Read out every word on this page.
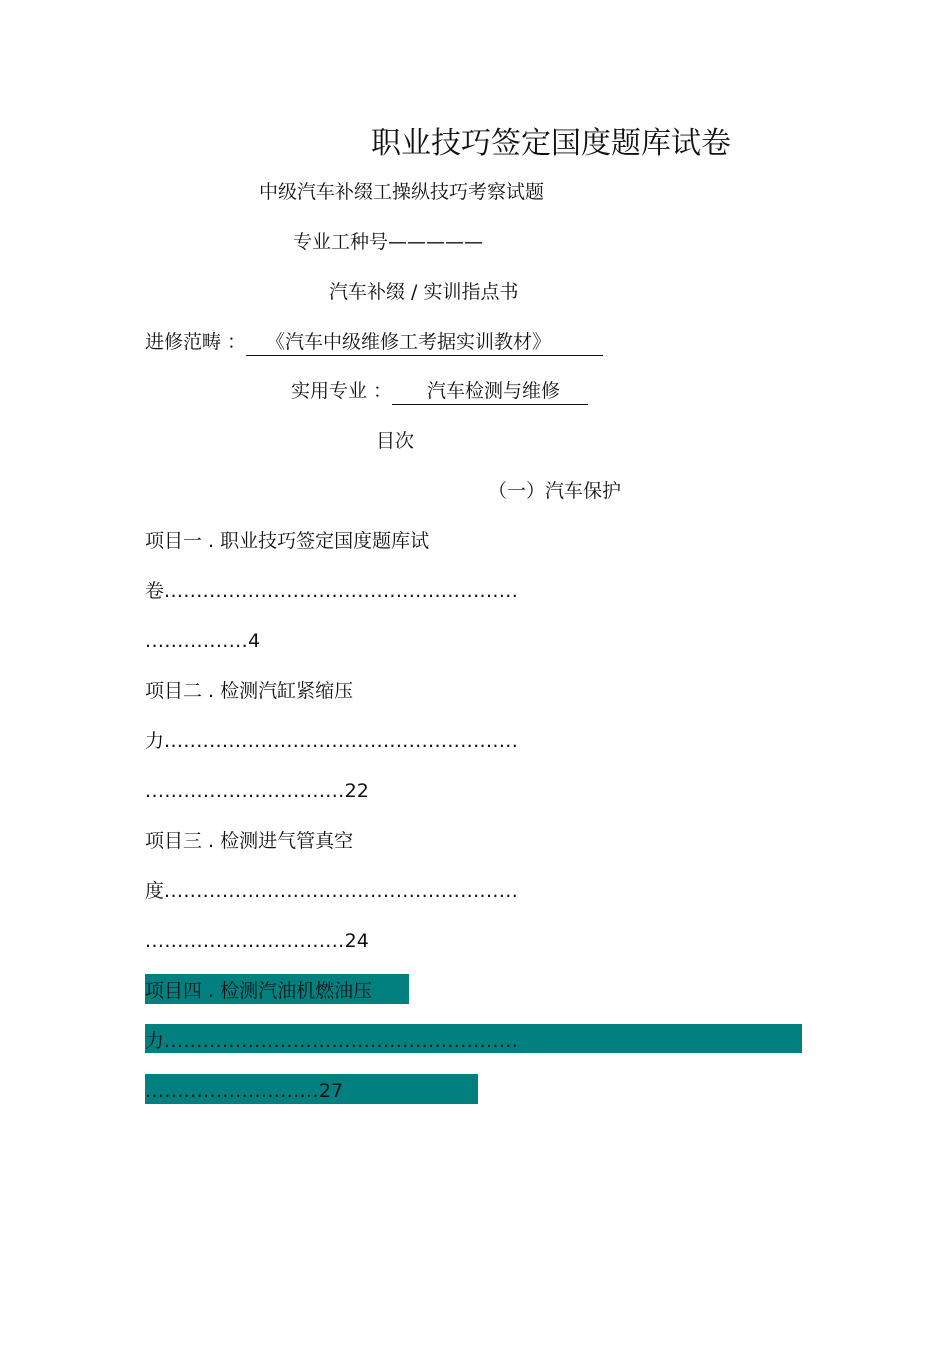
职业技巧签定国度题库试卷
中级汽车补缀工操纵技巧考察试题
专业工种号—————
汽车补缀 / 实训指点书
进修范畴 ： 《汽车中级维修工考据实训教材》
实用专业 ： 汽车检测与维修
目次
（一）汽车保护
项目一 . 职业技巧签定国度题库试
卷.......................................................
................4
项目二 . 检测汽缸紧缩压
力.......................................................
...............................22
项目三 . 检测进气管真空
度.......................................................
...............................24
项目四 . 检测汽油机燃油压
力.......................................................
...........................27
